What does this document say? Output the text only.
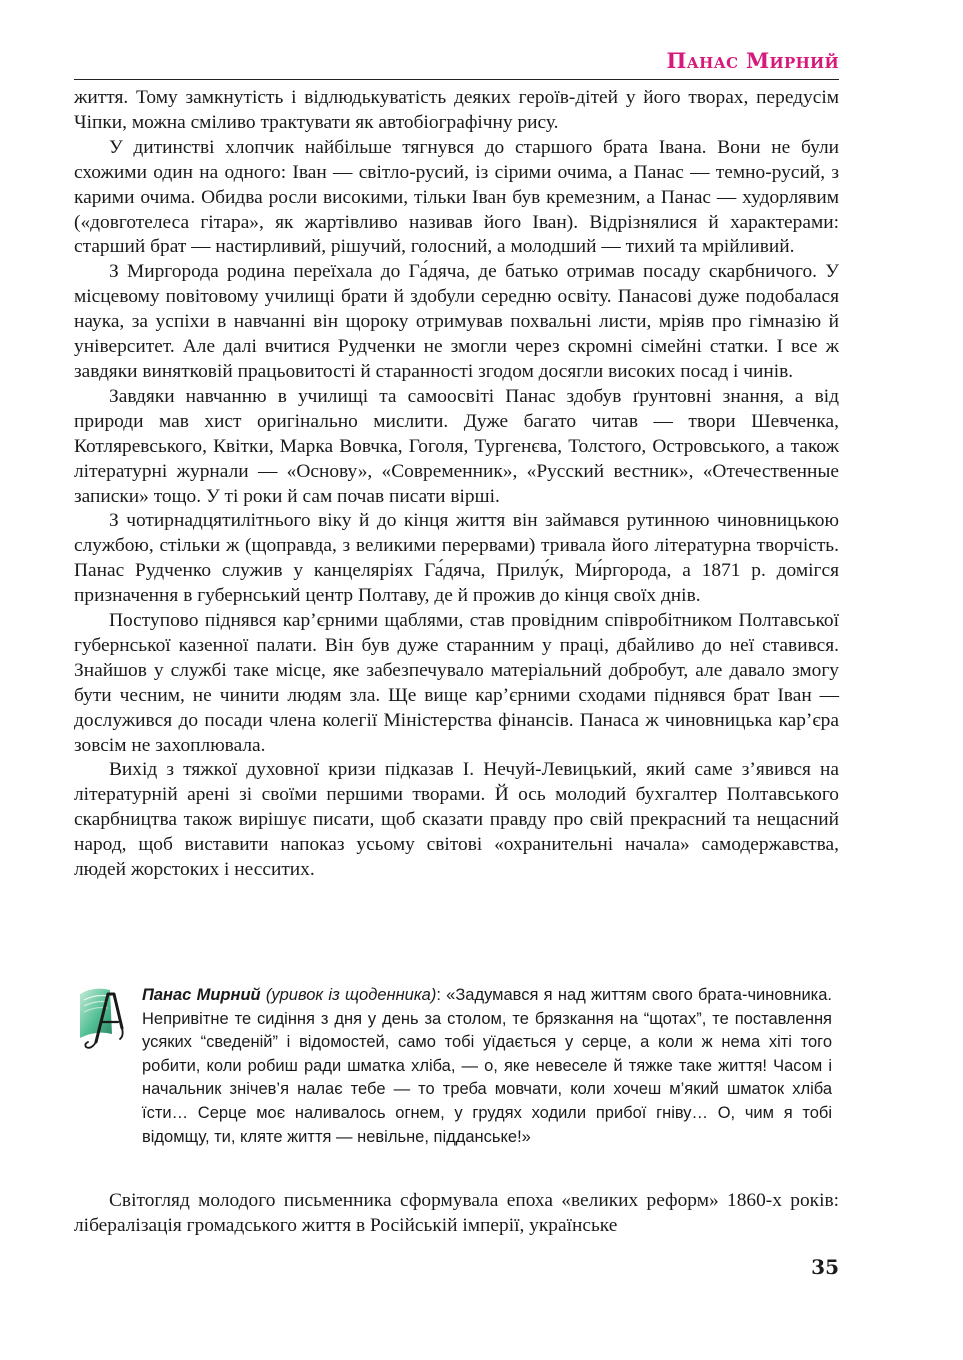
Панас Мирний

життя. Тому замкнутість і відлюдькуватість деяких героїв-дітей у його творах, передусім Чіпки, можна сміливо трактувати як автобіографічну рису.

У дитинстві хлопчик найбільше тягнувся до старшого брата Івана. Вони не були схожими один на одного: Іван — світло-русий, із сірими очима, а Панас — темно-русий, з карими очима. Обидва росли високими, тільки Іван був кремезним, а Панас — худорлявим («довготелеса гітара», як жартівливо називав його Іван). Відрізнялися й характерами: старший брат — настирливий, рішучий, голосний, а молодший — тихий та мрійливий.

З Миргорода родина переїхала до Га́дяча, де батько отримав посаду скарбничого. У місцевому повітовому училищі брати й здобули середню освіту. Панасові дуже подобалася наука, за успіхи в навчанні він щороку отримував похвальні листи, мріяв про гімназію й університет. Але далі вчитися Рудченки не змогли через скромні сімейні статки. І все ж завдяки винятковій працьовитості й старанності згодом досягли високих посад і чинів.

Завдяки навчанню в училищі та самоосвіті Панас здобув ґрунтовні знання, а від природи мав хист оригінально мислити. Дуже багато читав — твори Шевченка, Котляревського, Квітки, Марка Вовчка, Гоголя, Тургенєва, Толстого, Островського, а також літературні журнали — «Основу», «Современник», «Русский вестник», «Отечественные записки» тощо. У ті роки й сам почав писати вірші.

З чотирнадцятилітнього віку й до кінця життя він займався рутинною чиновницькою службою, стільки ж (щоправда, з великими перервами) тривала його літературна творчість. Панас Рудченко служив у канцеляріях Га́дяча, Прилу́к, Ми́ргорода, а 1871 р. домігся призначення в губернський центр Полтаву, де й прожив до кінця своїх днів.

Поступово піднявся кар’єрними щаблями, став провідним співробітником Полтавської губернської казенної палати. Він був дуже старанним у праці, дбайливо до неї ставився. Знайшов у службі таке місце, яке забезпечувало матеріальний добробут, але давало змогу бути чесним, не чинити людям зла. Ще вище кар’єрними сходами піднявся брат Іван — дослужився до посади члена колегії Міністерства фінансів. Панаса ж чиновницька кар’єра зовсім не захоплювала.

Вихід з тяжкої духовної кризи підказав І. Нечуй-Левицький, який саме з’явився на літературній арені зі своїми першими творами. Й ось молодий бухгалтер Полтавського скарбництва також вирішує писати, щоб сказати правду про свій прекрасний та нещасний народ, щоб виставити напоказ усьому світові «охранительні начала» самодержавства, людей жорстоких і несситих.

Панас Мирний (уривок із щоденника): «Задумався я над життям свого брата-чиновника. Непривітне те сидіння з дня у день за столом, те брязкання на “щотах”, те поставлення усяких “сведеній” і відомостей, само тобі уїдається у серце, а коли ж нема хіті того робити, коли робиш ради шматка хліба, — о, яке невеселе й тяжке таке життя! Часом і начальник знічев’я налає тебе — то треба мовчати, коли хочеш м’який шматок хліба їсти… Серце моє наливалось огнем, у грудях ходили прибої гніву… О, чим я тобі відомщу, ти, кляте життя — невільне, підданське!»

Світогляд молодого письменника сформувала епоха «великих реформ» 1860-х років: лібералізація громадського життя в Російській імперії, українське

35
